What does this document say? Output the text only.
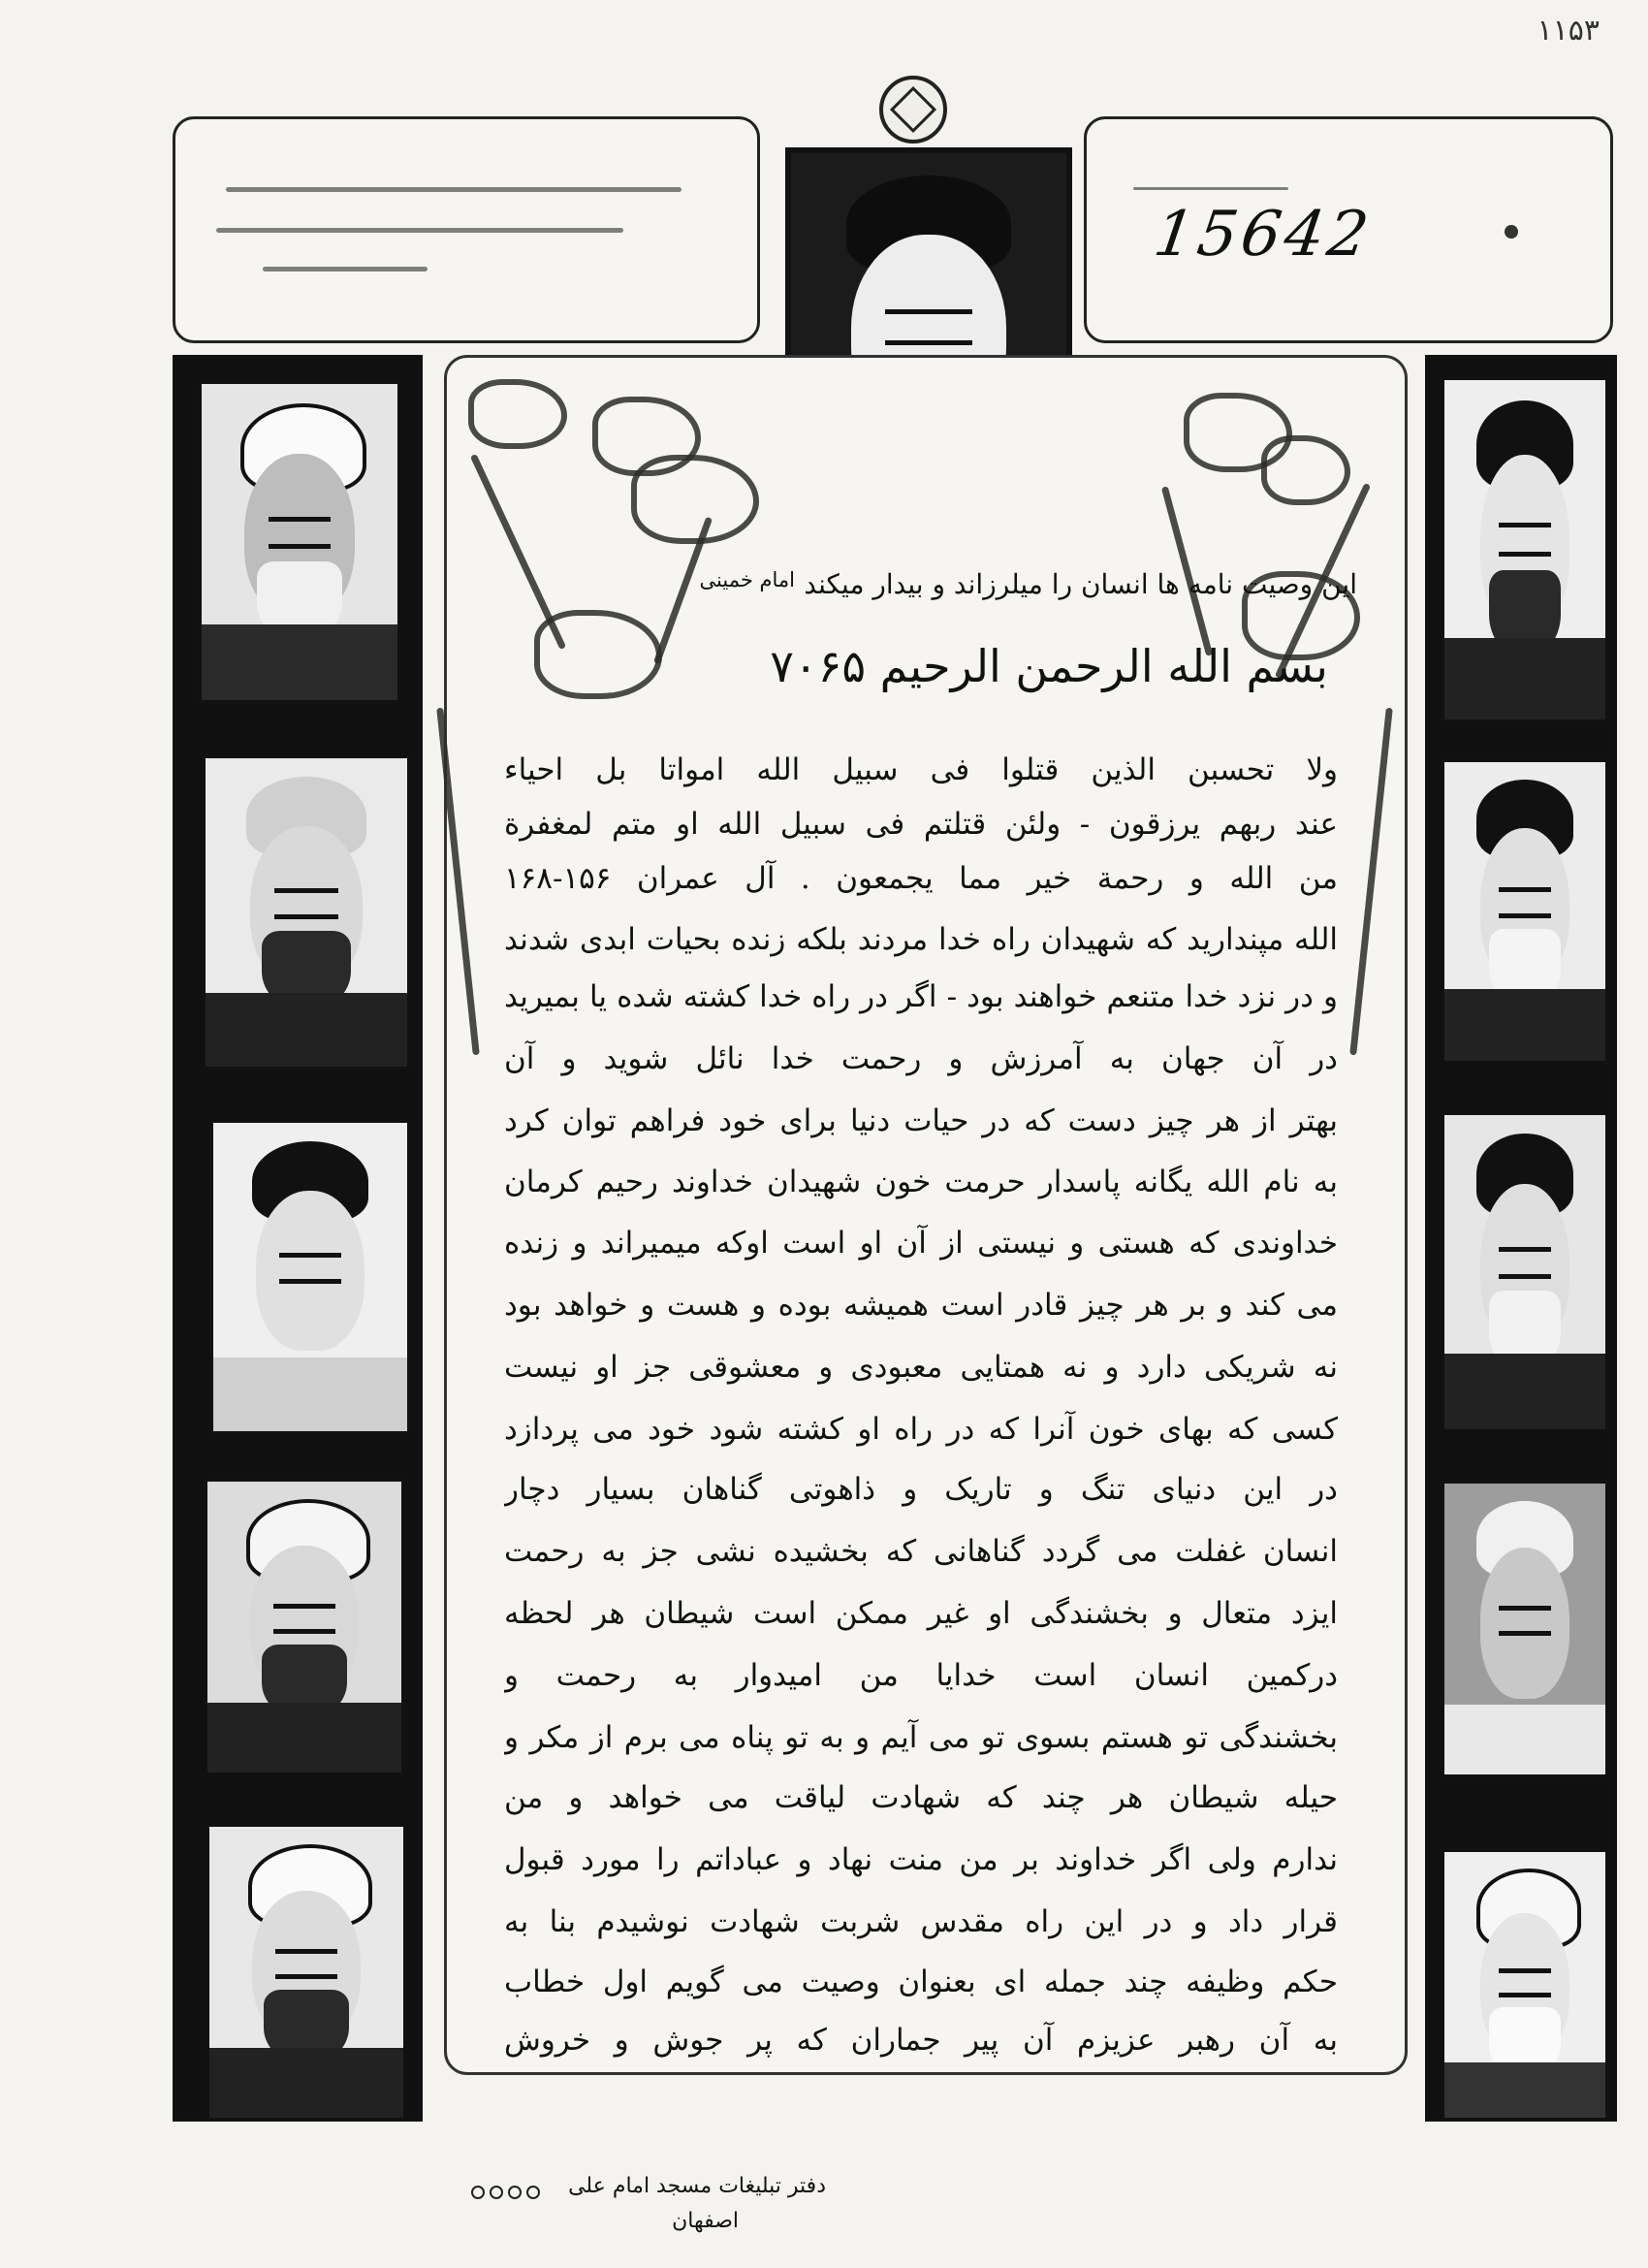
۱۱۵۳
15642
این وصیت نامه ها انسان را میلرزاند و بیدار میکند
امام خمینی
بسم الله الرحمن الرحیم ۷۰۶۵
ولا تحسبن الذین قتلوا فی سبیل الله امواتا بل احیاء
عند ربهم یرزقون - ولئن قتلتم فی سبیل الله او متم لمغفرة
من الله و رحمة خیر مما یجمعون . آل عمران ۱۵۶-۱۶۸
الله مپندارید که شهیدان راه خدا مردند بلکه زنده بحیات ابدی شدند
و در نزد خدا متنعم خواهند بود - اگر در راه خدا کشته شده یا بمیرید
در آن جهان به آمرزش و رحمت خدا نائل شوید و آن
بهتر از هر چیز دست که در حیات دنیا برای خود فراهم توان کرد
به نام الله یگانه پاسدار حرمت خون شهیدان خداوند رحیم کرمان
خداوندی که هستی و نیستی از آن او است اوکه میمیراند و زنده
می کند و بر هر چیز قادر است همیشه بوده و هست و خواهد بود
نه شریکی دارد و نه همتایی معبودی و معشوقی جز او نیست
کسی که بهای خون آنرا که در راه او کشته شود خود می پردازد
در این دنیای تنگ و تاریک و ذاهوتی گناهان بسیار دچار
انسان غفلت می گردد گناهانی که بخشیده نشی جز به رحمت
ایزد متعال و بخشندگی او غیر ممکن است شیطان هر لحظه
درکمین انسان است خدایا من امیدوار به رحمت و
بخشندگی تو هستم بسوی تو می آیم و به تو پناه می برم از مکر و
حیله شیطان هر چند که شهادت لیاقت می خواهد و من
ندارم ولی اگر خداوند بر من منت نهاد و عباداتم را مورد قبول
قرار داد و در این راه مقدس شربت شهادت نوشیدم بنا به
حکم وظیفه چند جمله ای بعنوان وصیت می گویم اول خطاب
به آن رهبر عزیزم آن پیر جماران که پر جوش و خروش
دفتر تبلیغات مسجد امام علی
اصفهان
